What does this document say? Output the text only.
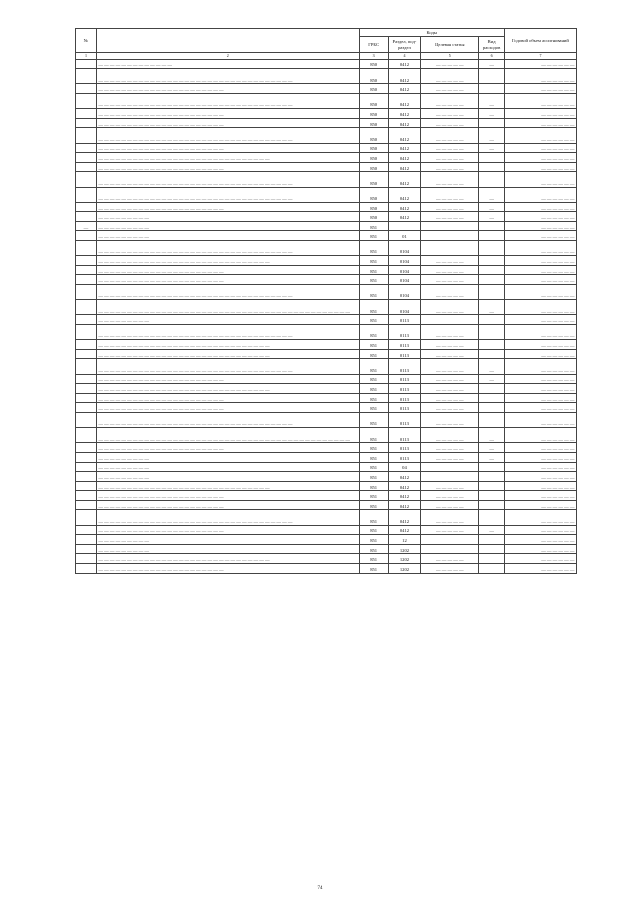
№		Коды				Годовой объем ассигнований
		ГРБС	Раздел, под-раздел	Целевая статья	Вид расходов	
1	2	3	4	5	6	7
	— — — — — — — — — — — — —	850	0412	— — — — —	—	— — — — — —
	— — — — — — — — — — — — — — — — — — — — — — — — — — — — — — — — — —	850	0412	— — — — —		— — — — — —
	— — — — — — — — — — — — — — — — — — — — — —	850	0412	— — — — —		— — — — — —
	— — — — — — — — — — — — — — — — — — — — — — — — — — — — — — — — — —	850	0412	— — — — —	—	— — — — — —
	— — — — — — — — — — — — — — — — — — — — — —	850	0412	— — — — —	—	— — — — — —
	— — — — — — — — — — — — — — — — — — — — — —	850	0412	— — — — —		— — — — — —
	— — — — — — — — — — — — — — — — — — — — — — — — — — — — — — — — — —	850	0412	— — — — —	—	— — — — — —
	— — — — — — — — — — — — — — — — — — — — — —	850	0412	— — — — —	—	— — — — — —
	— — — — — — — — — — — — — — — — — — — — — — — — — — — — — —	850	0412	— — — — —		— — — — — —
	— — — — — — — — — — — — — — — — — — — — — —	850	0412	— — — — —		— — — — — —
	— — — — — — — — — — — — — — — — — — — — — — — — — — — — — — — — — —	850	0412	— — — — —		— — — — — —
	— — — — — — — — — — — — — — — — — — — — — — — — — — — — — — — — — —	850	0412	— — — — —	—	— — — — — —
	— — — — — — — — — — — — — — — — — — — — — —	850	0412	— — — — —	—	— — — — — —
	— — — — — — — — —	850	0412	— — — — —	—	— — — — — —
—	— — — — — — — — —	851				— — — — — —
	— — — — — — — — —	851	01			— — — — — —
	— — — — — — — — — — — — — — — — — — — — — — — — — — — — — — — — — —	851	0104			— — — — — —
	— — — — — — — — — — — — — — — — — — — — — — — — — — — — — —	851	0104	— — — — —		— — — — — —
	— — — — — — — — — — — — — — — — — — — — — —	851	0104	— — — — —		— — — — — —
	— — — — — — — — — — — — — — — — — — — — — —	851	0104	— — — — —		— — — — — —
	— — — — — — — — — — — — — — — — — — — — — — — — — — — — — — — — — —	851	0104	— — — — —		— — — — — —
	— — — — — — — — — — — — — — — — — — — — — — — — — — — — — — — — — — — — — — — — — — — —	851	0104	— — — — —	—	— — — — — —
	— — — — — — — — —	851	0113			— — — — — —
	— — — — — — — — — — — — — — — — — — — — — — — — — — — — — — — — — —	851	0113	— — — — —		— — — — — —
	— — — — — — — — — — — — — — — — — — — — — — — — — — — — — —	851	0113	— — — — —		— — — — — —
	— — — — — — — — — — — — — — — — — — — — — — — — — — — — — —	851	0113	— — — — —		— — — — — —
	— — — — — — — — — — — — — — — — — — — — — — — — — — — — — — — — — —	851	0113	— — — — —	—	— — — — — —
	— — — — — — — — — — — — — — — — — — — — — —	851	0113	— — — — —	—	— — — — — —
	— — — — — — — — — — — — — — — — — — — — — — — — — — — — — —	851	0113	— — — — —		— — — — — —
	— — — — — — — — — — — — — — — — — — — — — —	851	0113	— — — — —		— — — — — —
	— — — — — — — — — — — — — — — — — — — — — —	851	0113	— — — — —		— — — — — —
	— — — — — — — — — — — — — — — — — — — — — — — — — — — — — — — — — —	851	0113	— — — — —		— — — — — —
	— — — — — — — — — — — — — — — — — — — — — — — — — — — — — — — — — — — — — — — — — — — —	851	0113	— — — — —	—	— — — — — —
	— — — — — — — — — — — — — — — — — — — — — —	851	0113	— — — — —	—	— — — — — —
	— — — — — — — — —	851	0113	— — — — —	—	— — — — — —
	— — — — — — — — —	851	04			— — — — — —
	— — — — — — — — —	851	0412			— — — — — —
	— — — — — — — — — — — — — — — — — — — — — — — — — — — — — —	851	0412	— — — — —		— — — — — —
	— — — — — — — — — — — — — — — — — — — — — —	851	0412	— — — — —		— — — — — —
	— — — — — — — — — — — — — — — — — — — — — —	851	0412	— — — — —		— — — — — —
	— — — — — — — — — — — — — — — — — — — — — — — — — — — — — — — — — —	851	0412	— — — — —		— — — — — —
	— — — — — — — — — — — — — — — — — — — — — —	851	0412	— — — — —	—	— — — — — —
	— — — — — — — — —	851	12			— — — — — —
	— — — — — — — — —	851	1202			— — — — — —
	— — — — — — — — — — — — — — — — — — — — — — — — — — — — — —	851	1202	— — — — —		— — — — — —
	— — — — — — — — — — — — — — — — — — — — — —	851	1202	— — — — —		— — — — — —
74
